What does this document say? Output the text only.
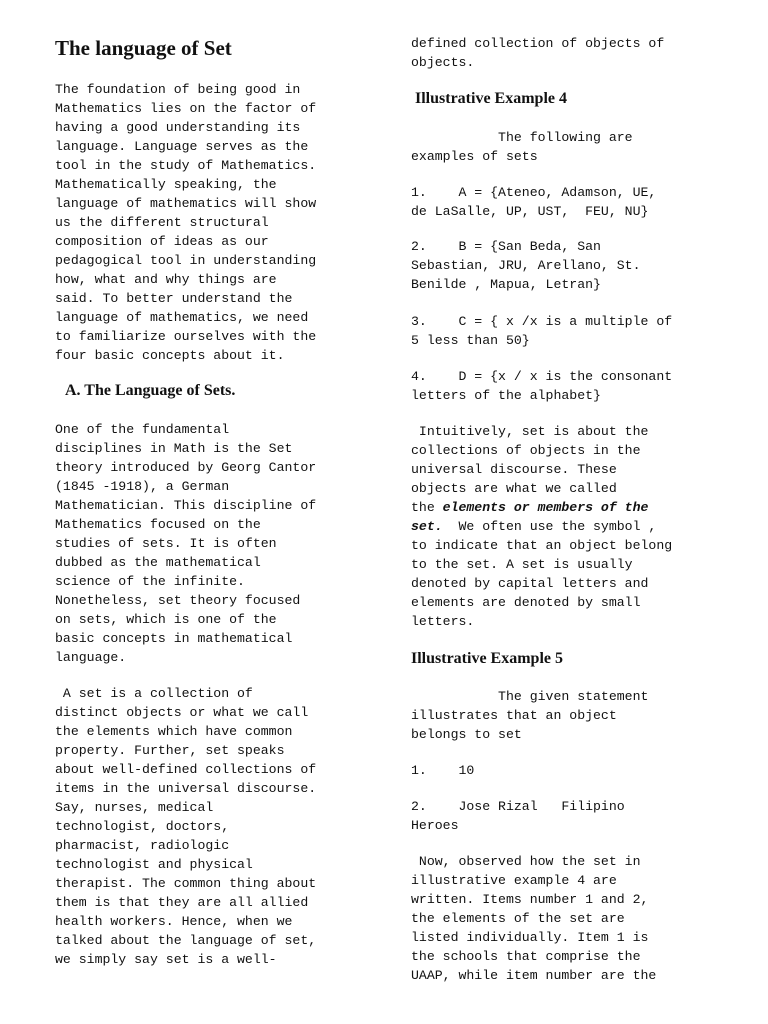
The language of Set

The foundation of being good in
Mathematics lies on the factor of
having a good understanding its
language. Language serves as the
tool in the study of Mathematics.
Mathematically speaking, the
language of mathematics will show
us the different structural
composition of ideas as our
pedagogical tool in understanding
how, what and why things are
said. To better understand the
language of mathematics, we need
to familiarize ourselves with the
four basic concepts about it.

A. The Language of Sets.

One of the fundamental
disciplines in Math is the Set
theory introduced by Georg Cantor
(1845 -1918), a German
Mathematician. This discipline of
Mathematics focused on the
studies of sets. It is often
dubbed as the mathematical
science of the infinite.
Nonetheless, set theory focused
on sets, which is one of the
basic concepts in mathematical
language.

A set is a collection of
distinct objects or what we call
the elements which have common
property. Further, set speaks
about well-defined collections of
items in the universal discourse.
Say, nurses, medical
technologist, doctors,
pharmacist, radiologic
technologist and physical
therapist. The common thing about
them is that they are all allied
health workers. Hence, when we
talked about the language of set,
we simply say set is a well-

defined collection of objects of
objects.

Illustrative Example 4

The following are
examples of sets

1.    A = {Ateneo, Adamson, UE,
de LaSalle, UP, UST,  FEU, NU}

2.    B = {San Beda, San
Sebastian, JRU, Arellano, St.
Benilde , Mapua, Letran}

3.    C = { x /x is a multiple of
5 less than 50}

4.    D = {x / x is the consonant
letters of the alphabet}

Intuitively, set is about the
collections of objects in the
universal discourse. These
objects are what we called
the elements or members of the
set.  We often use the symbol ,
to indicate that an object belong
to the set. A set is usually
denoted by capital letters and
elements are denoted by small
letters.

Illustrative Example 5

The given statement
illustrates that an object
belongs to set

1.    10

2.    Jose Rizal   Filipino
Heroes

Now, observed how the set in
illustrative example 4 are
written. Items number 1 and 2,
the elements of the set are
listed individually. Item 1 is
the schools that comprise the
UAAP, while item number are the
